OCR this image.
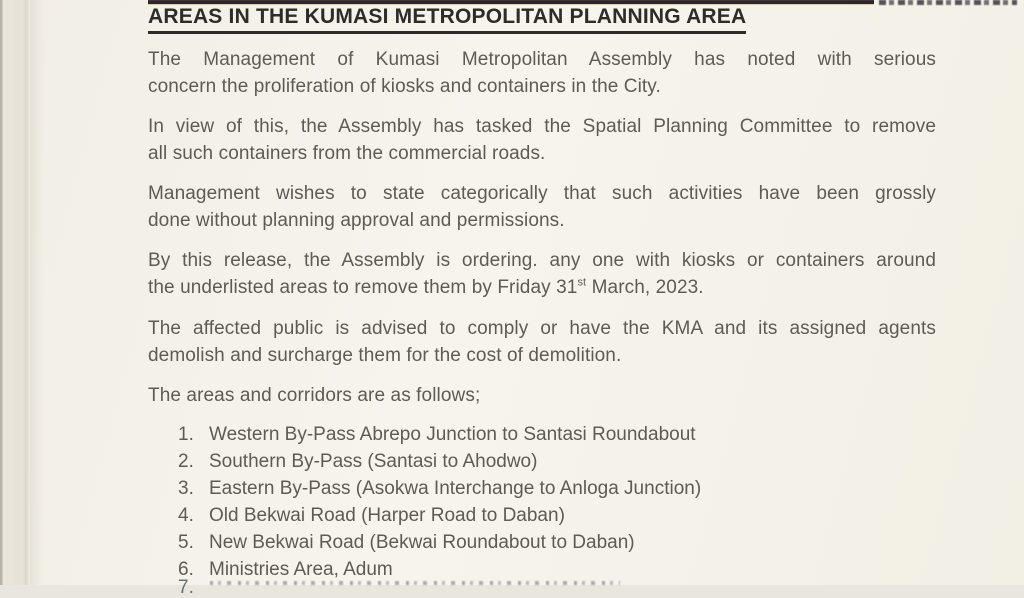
AREAS IN THE KUMASI METROPOLITAN PLANNING AREA

The Management of Kumasi Metropolitan Assembly has noted with serious
concern the proliferation of kiosks and containers in the City.

In view of this, the Assembly has tasked the Spatial Planning Committee to remove
all such containers from the commercial roads.

Management wishes to state categorically that such activities have been grossly
done without planning approval and permissions.

By this release, the Assembly is ordering. any one with kiosks or containers around
the underlisted areas to remove them by Friday 31st March, 2023.

The affected public is advised to comply or have the KMA and its assigned agents
demolish and surcharge them for the cost of demolition.

The areas and corridors are as follows;

1. Western By-Pass Abrepo Junction to Santasi Roundabout
2. Southern By-Pass (Santasi to Ahodwo)
3. Eastern By-Pass (Asokwa Interchange to Anloga Junction)
4. Old Bekwai Road (Harper Road to Daban)
5. New Bekwai Road (Bekwai Roundabout to Daban)
6. Ministries Area, Adum
7.
